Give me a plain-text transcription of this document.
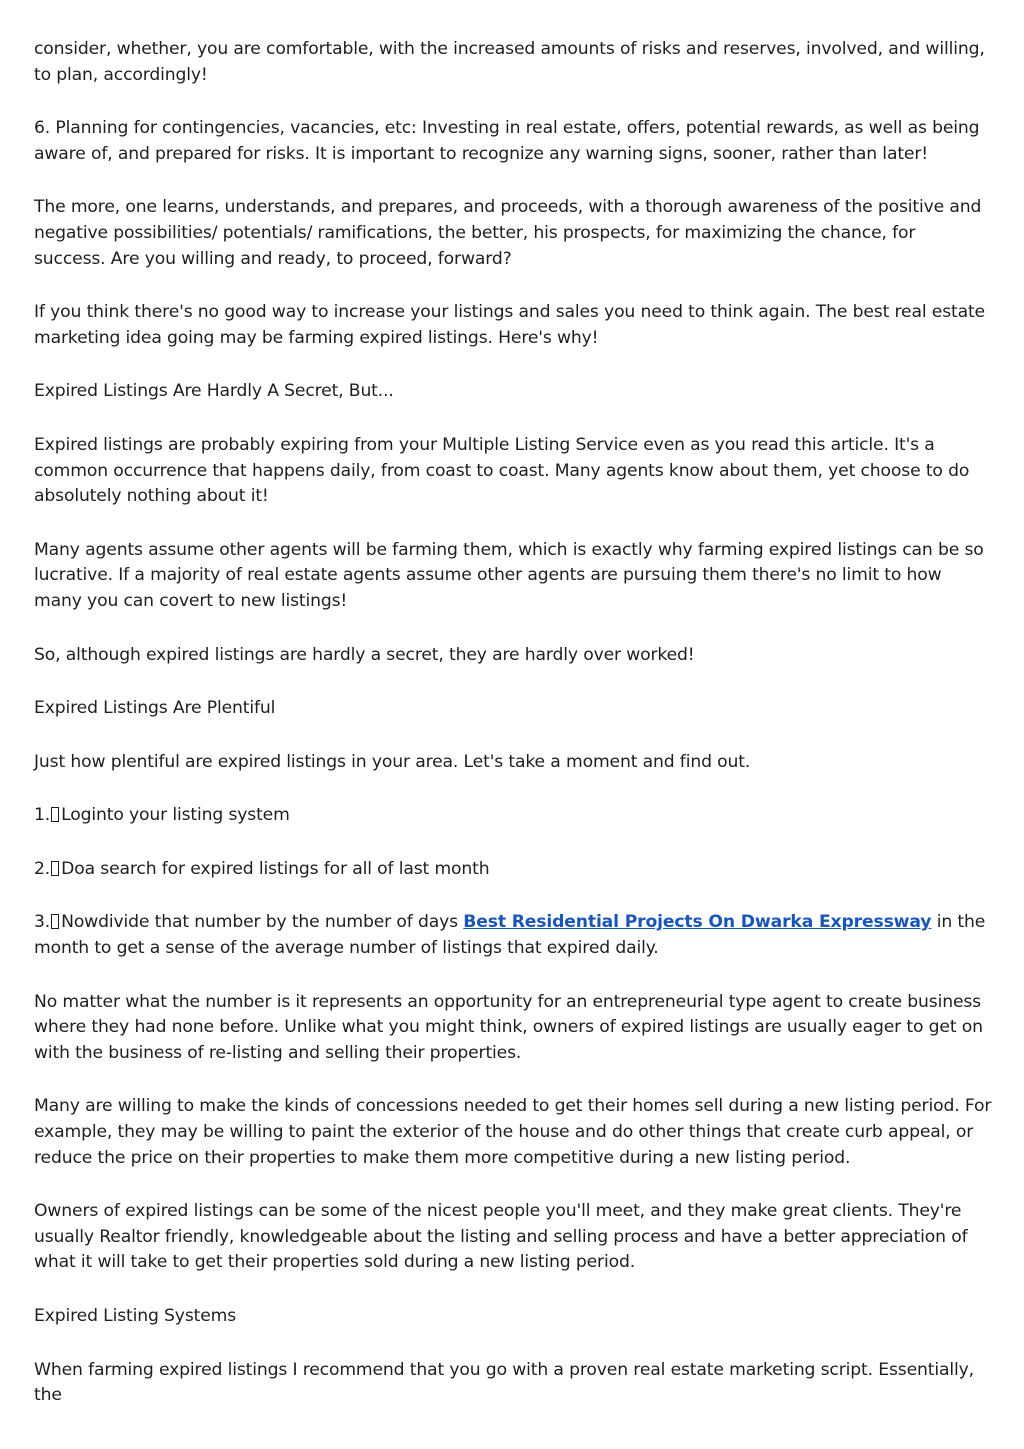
consider, whether, you are comfortable, with the increased amounts of risks and reserves, involved, and willing, to plan, accordingly!

6. Planning for contingencies, vacancies, etc: Investing in real estate, offers, potential rewards, as well as being aware of, and prepared for risks. It is important to recognize any warning signs, sooner, rather than later!

The more, one learns, understands, and prepares, and proceeds, with a thorough awareness of the positive and negative possibilities/ potentials/ ramifications, the better, his prospects, for maximizing the chance, for success. Are you willing and ready, to proceed, forward?

If you think there's no good way to increase your listings and sales you need to think again. The best real estate marketing idea going may be farming expired listings. Here's why!

Expired Listings Are Hardly A Secret, But...

Expired listings are probably expiring from your Multiple Listing Service even as you read this article. It's a common occurrence that happens daily, from coast to coast. Many agents know about them, yet choose to do absolutely nothing about it!

Many agents assume other agents will be farming them, which is exactly why farming expired listings can be so lucrative. If a majority of real estate agents assume other agents are pursuing them there's no limit to how many you can covert to new listings!

So, although expired listings are hardly a secret, they are hardly over worked!

Expired Listings Are Plentiful

Just how plentiful are expired listings in your area. Let's take a moment and find out.

1. Loginto your listing system

2. Doa search for expired listings for all of last month

3. Nowdivide that number by the number of days Best Residential Projects On Dwarka Expressway in the month to get a sense of the average number of listings that expired daily.

No matter what the number is it represents an opportunity for an entrepreneurial type agent to create business where they had none before. Unlike what you might think, owners of expired listings are usually eager to get on with the business of re-listing and selling their properties.

Many are willing to make the kinds of concessions needed to get their homes sell during a new listing period. For example, they may be willing to paint the exterior of the house and do other things that create curb appeal, or reduce the price on their properties to make them more competitive during a new listing period.

Owners of expired listings can be some of the nicest people you'll meet, and they make great clients. They're usually Realtor friendly, knowledgeable about the listing and selling process and have a better appreciation of what it will take to get their properties sold during a new listing period.

Expired Listing Systems

When farming expired listings I recommend that you go with a proven real estate marketing script. Essentially, the
